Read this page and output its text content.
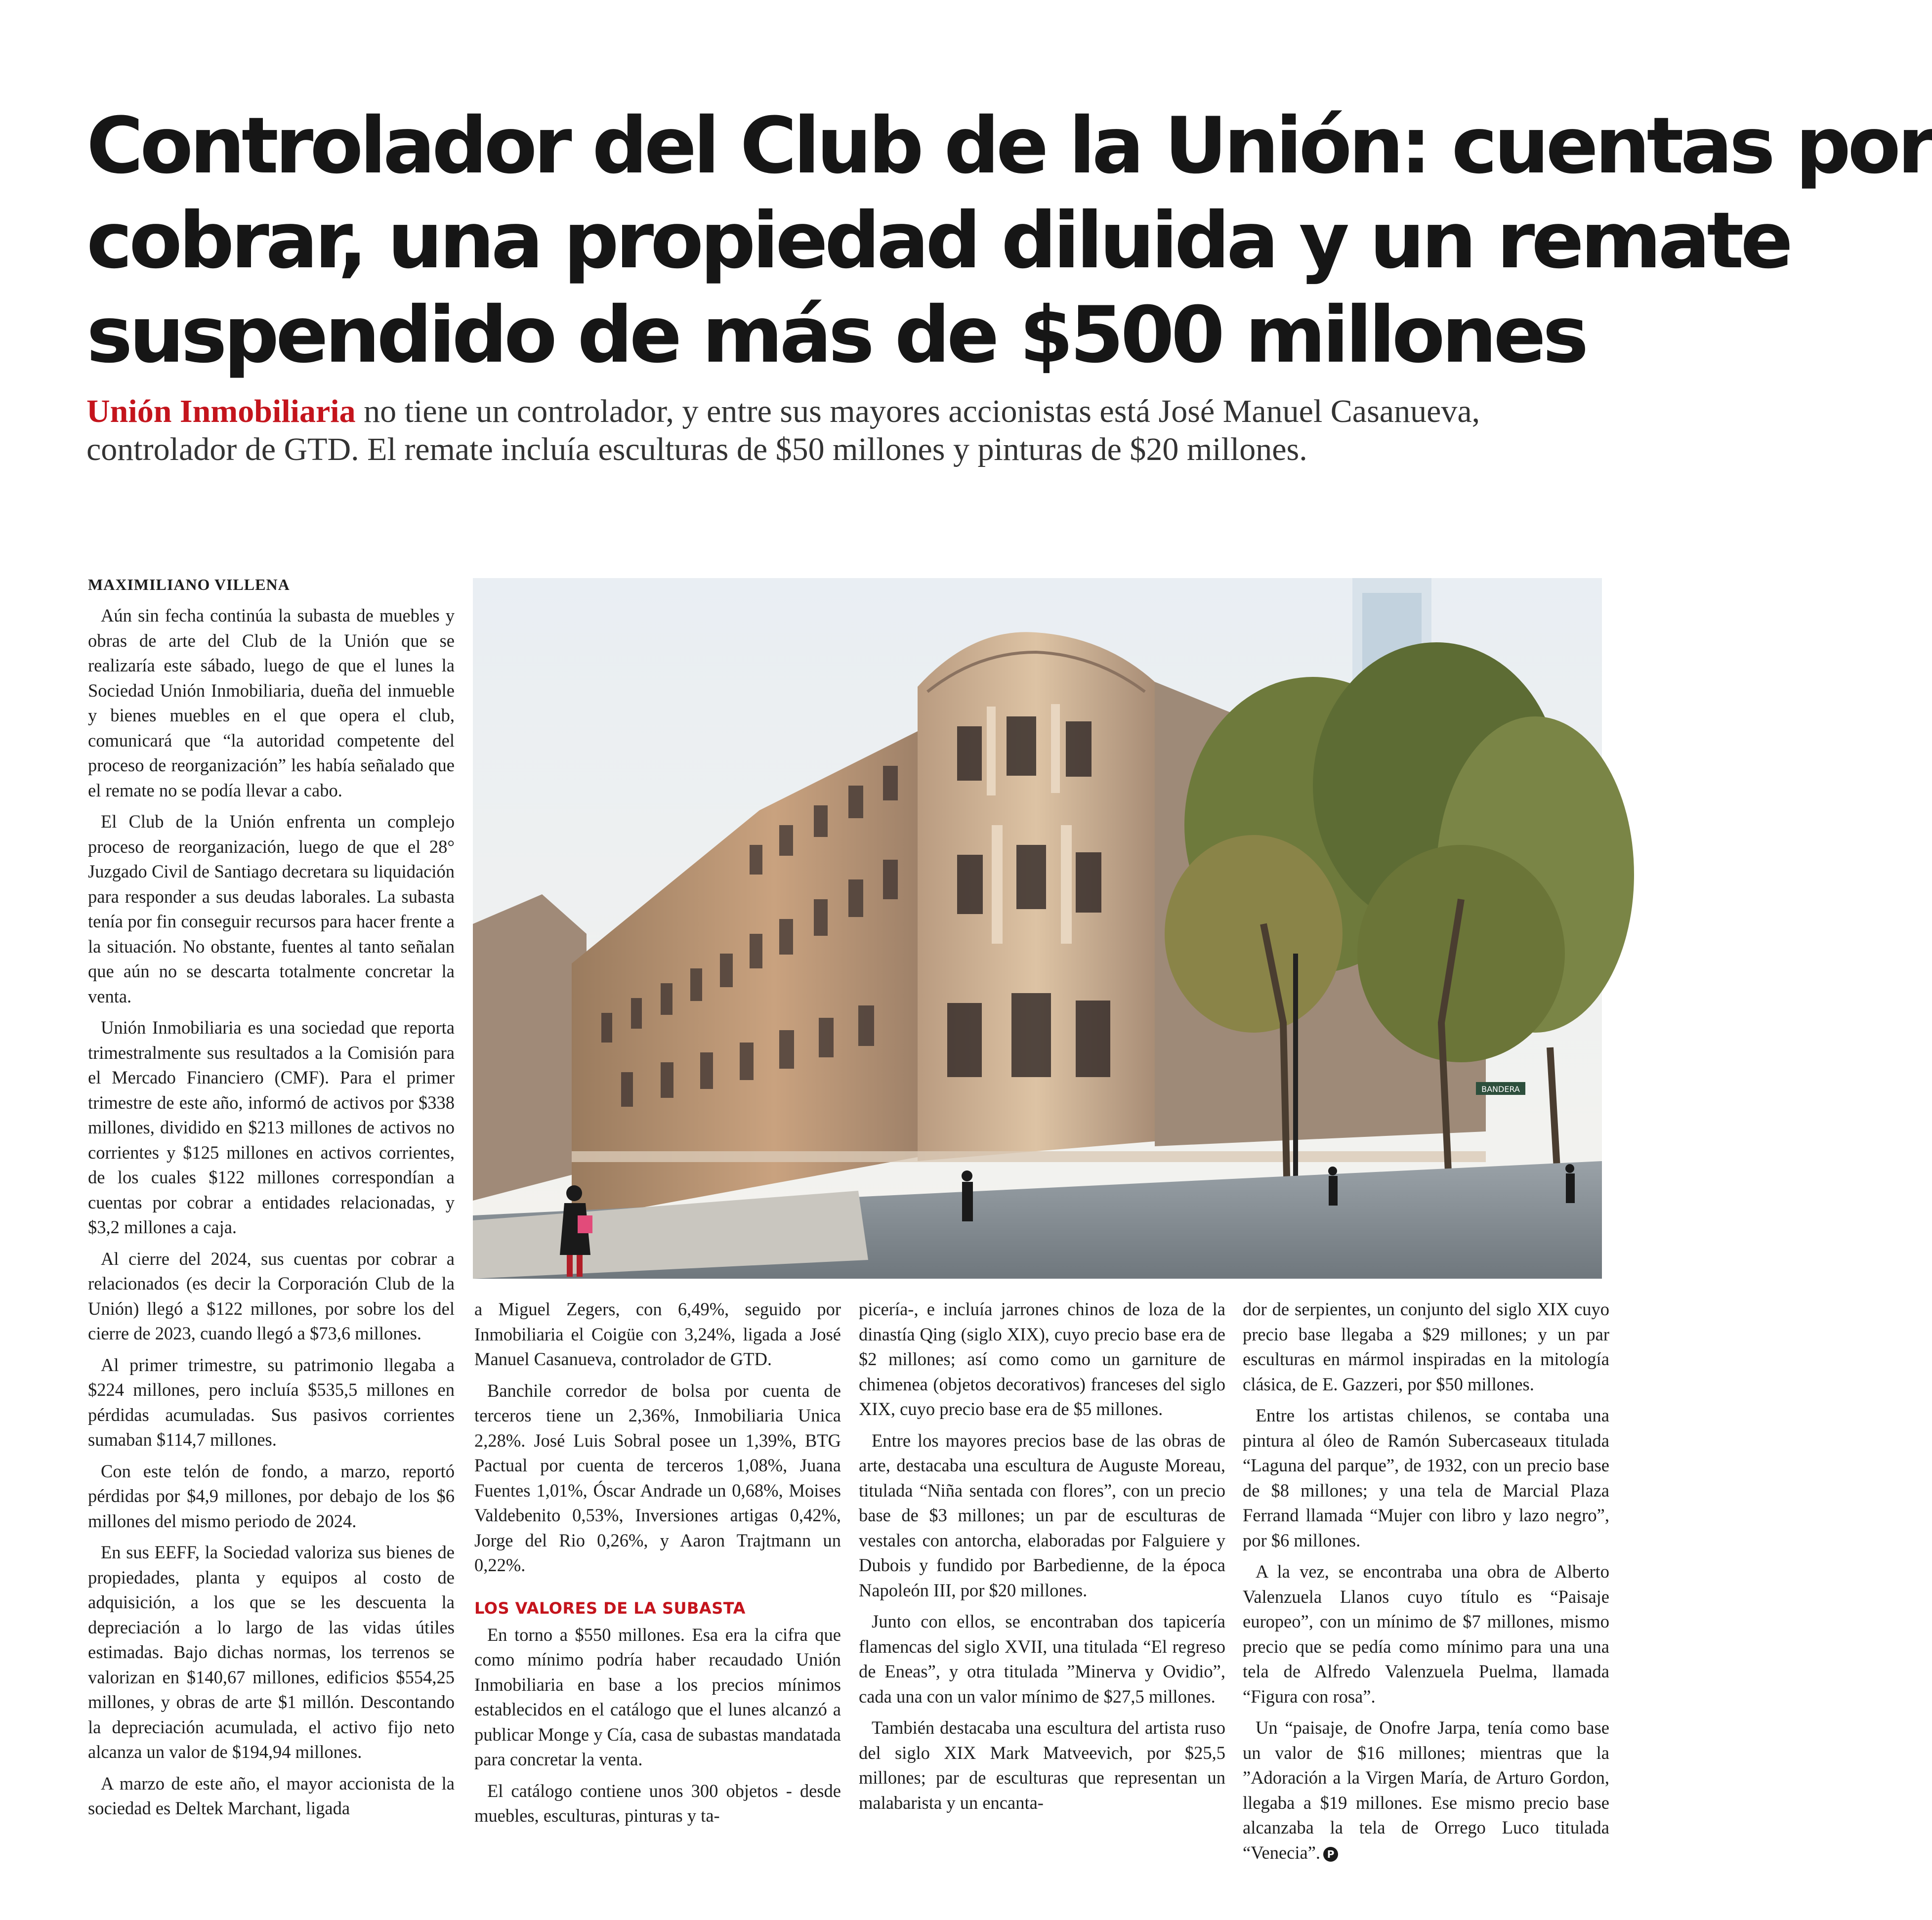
Controlador del Club de la Unión: cuentas por
cobrar, una propiedad diluida y un remate
suspendido de más de $500 millones
Unión Inmobiliaria no tiene un controlador, y entre sus mayores accionistas está José Manuel Casanueva,
controlador de GTD. El remate incluía esculturas de $50 millones y pinturas de $20 millones.
BANDERA

MAXIMILIANO VILLENA

Aún sin fecha continúa la subasta de muebles y obras de arte del Club de la Unión que se realizaría este sábado, luego de que el lunes la Sociedad Unión Inmobiliaria, dueña del inmueble y bienes muebles en el que opera el club, comunicará que “la autoridad competente del proceso de reorganización” les había señalado que el remate no se podía llevar a cabo.

El Club de la Unión enfrenta un complejo proceso de reorganización, luego de que el 28° Juzgado Civil de Santiago decretara su liquidación para responder a sus deudas laborales. La subasta tenía por fin conseguir recursos para hacer frente a la situación. No obstante, fuentes al tanto señalan que aún no se descarta totalmente concretar la venta.

Unión Inmobiliaria es una sociedad que reporta trimestralmente sus resultados a la Comisión para el Mercado Financiero (CMF). Para el primer trimestre de este año, informó de activos por $338 millones, dividido en $213 millones de activos no corrientes y $125 millones en activos corrientes, de los cuales $122 millones correspondían a cuentas por cobrar a entidades relacionadas, y $3,2 millones a caja.

Al cierre del 2024, sus cuentas por cobrar a relacionados (es decir la Corporación Club de la Unión) llegó a $122 millones, por sobre los del cierre de 2023, cuando llegó a $73,6 millones.

Al primer trimestre, su patrimonio llegaba a $224 millones, pero incluía $535,5 millones en pérdidas acumuladas. Sus pasivos corrientes sumaban $114,7 millones.

Con este telón de fondo, a marzo, reportó pérdidas por $4,9 millones, por debajo de los $6 millones del mismo periodo de 2024.

En sus EEFF, la Sociedad valoriza sus bienes de propiedades, planta y equipos al costo de adquisición, a los que se les descuenta la depreciación a lo largo de las vidas útiles estimadas. Bajo dichas normas, los terrenos se valorizan en $140,67 millones, edificios $554,25 millones, y obras de arte $1 millón. Descontando la depreciación acumulada, el activo fijo neto alcanza un valor de $194,94 millones.

A marzo de este año, el mayor accionista de la sociedad es Deltek Marchant, ligada

a Miguel Zegers, con 6,49%, seguido por Inmobiliaria el Coigüe con 3,24%, ligada a José Manuel Casanueva, controlador de GTD.

Banchile corredor de bolsa por cuenta de terceros tiene un 2,36%, Inmobiliaria Unica 2,28%. José Luis Sobral posee un 1,39%, BTG Pactual por cuenta de terceros 1,08%, Juana Fuentes 1,01%, Óscar Andrade un 0,68%, Moises Valdebenito 0,53%, Inversiones artigas 0,42%, Jorge del Rio 0,26%, y Aaron Trajtmann un 0,22%.

LOS VALORES DE LA SUBASTA

En torno a $550 millones. Esa era la cifra que como mínimo podría haber recaudado Unión Inmobiliaria en base a los precios mínimos establecidos en el catálogo que el lunes alcanzó a publicar Monge y Cía, casa de subastas mandatada para concretar la venta.

El catálogo contiene unos 300 objetos - desde muebles, esculturas, pinturas y ta-

picería-, e incluía jarrones chinos de loza de la dinastía Qing (siglo XIX), cuyo precio base era de $2 millones; así como como un garniture de chimenea (objetos decorativos) franceses del siglo XIX, cuyo precio base era de $5 millones.

Entre los mayores precios base de las obras de arte, destacaba una escultura de Auguste Moreau, titulada “Niña sentada con flores”, con un precio base de $3 millones; un par de esculturas de vestales con antorcha, elaboradas por Falguiere y Dubois y fundido por Barbedienne, de la época Napoleón III, por $20 millones.

Junto con ellos, se encontraban dos tapicería flamencas del siglo XVII, una titulada “El regreso de Eneas”, y otra titulada ”Minerva y Ovidio”, cada una con un valor mínimo de $27,5 millones.

También destacaba una escultura del artista ruso del siglo XIX Mark Matveevich, por $25,5 millones; par de esculturas que representan un malabarista y un encanta-

dor de serpientes, un conjunto del siglo XIX cuyo precio base llegaba a $29 millones; y un par esculturas en mármol inspiradas en la mitología clásica, de E. Gazzeri, por $50 millones.

Entre los artistas chilenos, se contaba una pintura al óleo de Ramón Subercaseaux titulada “Laguna del parque”, de 1932, con un precio base de $8 millones; y una tela de Marcial Plaza Ferrand llamada “Mujer con libro y lazo negro”, por $6 millones.

A la vez, se encontraba una obra de Alberto Valenzuela Llanos cuyo título es “Paisaje europeo”, con un mínimo de $7 millones, mismo precio que se pedía como mínimo para una una tela de Alfredo Valenzuela Puelma, llamada “Figura con rosa”.

Un “paisaje, de Onofre Jarpa, tenía como base un valor de $16 millones; mientras que la ”Adoración a la Virgen María, de Arturo Gordon, llegaba a $19 millones. Ese mismo precio base alcanzaba la tela de Orrego Luco titulada “Venecia”. P
